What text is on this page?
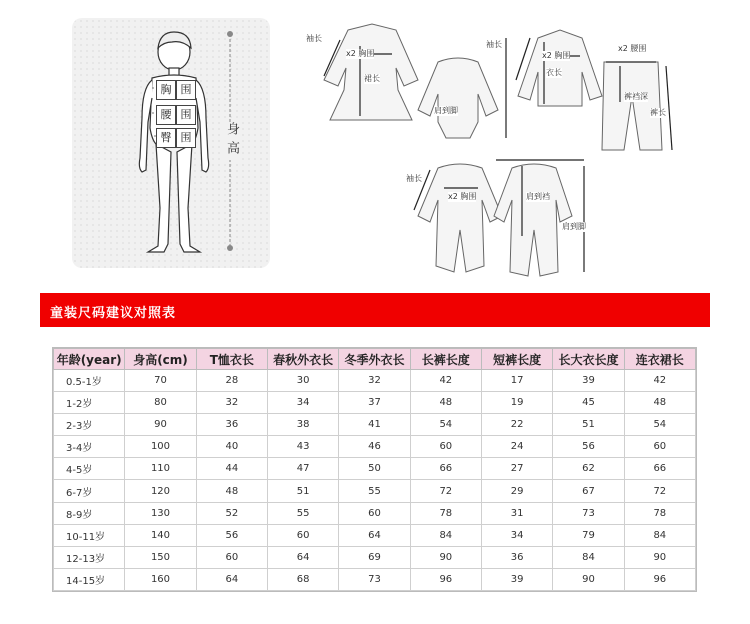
胸 围
腰 围
臀 围	身高
袖长
x2 胸围
裙长
肩到脚
袖长
x2 胸围
衣长
x2 腰围
裤裆深
裤长
袖长
x2 胸围	肩到裆
肩到脚
童装尺码建议对照表
年龄(year)	身高(cm)	T恤衣长	春秋外衣长	冬季外衣长	长裤长度	短裤长度	长大衣长度	连衣裙长
0.5-1岁	70	28	30	32	42	17	39	42
1-2岁	80	32	34	37	48	19	45	48
2-3岁	90	36	38	41	54	22	51	54
3-4岁	100	40	43	46	60	24	56	60
4-5岁	110	44	47	50	66	27	62	66
6-7岁	120	48	51	55	72	29	67	72
8-9岁	130	52	55	60	78	31	73	78
10-11岁	140	56	60	64	84	34	79	84
12-13岁	150	60	64	69	90	36	84	90
14-15岁	160	64	68	73	96	39	90	96
